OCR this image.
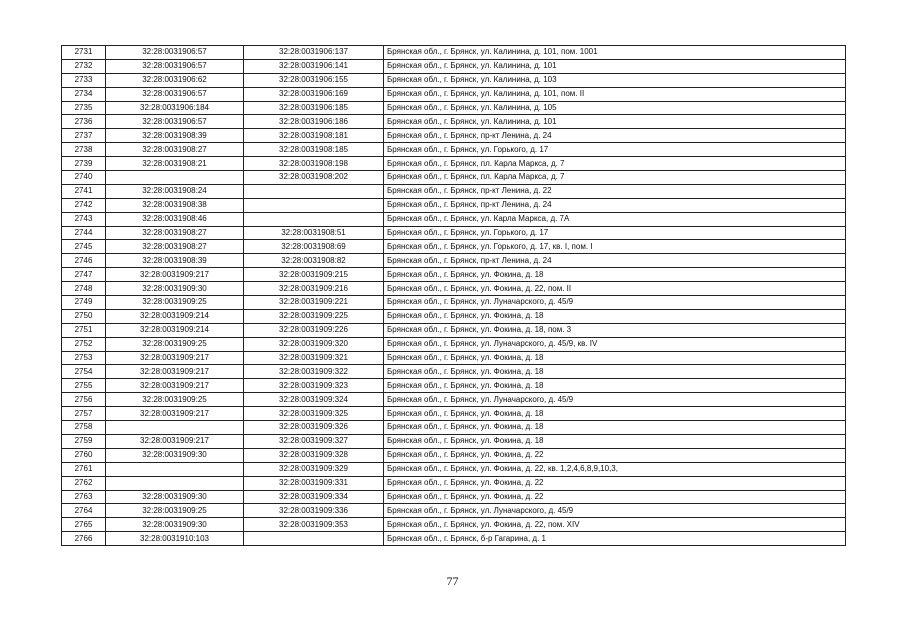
2731	32:28:0031906:57	32:28:0031906:137	Брянская обл., г. Брянск, ул. Калинина, д. 101, пом. 1001
2732	32:28:0031906:57	32:28:0031906:141	Брянская обл., г. Брянск, ул. Калинина, д. 101
2733	32:28:0031906:62	32:28:0031906:155	Брянская обл., г. Брянск, ул. Калинина, д. 103
2734	32:28:0031906:57	32:28:0031906:169	Брянская обл., г. Брянск, ул. Калинина, д. 101, пом. II
2735	32:28:0031906:184	32:28:0031906:185	Брянская обл., г. Брянск, ул. Калинина, д. 105
2736	32:28:0031906:57	32:28:0031906:186	Брянская обл., г. Брянск, ул. Калинина, д. 101
2737	32:28:0031908:39	32:28:0031908:181	Брянская обл., г. Брянск, пр-кт Ленина, д. 24
2738	32:28:0031908:27	32:28:0031908:185	Брянская обл., г. Брянск, ул. Горького, д. 17
2739	32:28:0031908:21	32:28:0031908:198	Брянская обл., г. Брянск, пл. Карла Маркса, д. 7
2740		32:28:0031908:202	Брянская обл., г. Брянск, пл. Карла Маркса, д. 7
2741	32:28:0031908:24		Брянская обл., г. Брянск, пр-кт Ленина, д. 22
2742	32:28:0031908:38		Брянская обл., г. Брянск, пр-кт Ленина, д. 24
2743	32:28:0031908:46		Брянская обл., г. Брянск, ул. Карла Маркса, д. 7А
2744	32:28:0031908:27	32:28:0031908:51	Брянская обл., г. Брянск, ул. Горького, д. 17
2745	32:28:0031908:27	32:28:0031908:69	Брянская обл., г. Брянск, ул. Горького, д. 17, кв. I, пом. I
2746	32:28:0031908:39	32:28:0031908:82	Брянская обл., г. Брянск, пр-кт Ленина, д. 24
2747	32:28:0031909:217	32:28:0031909:215	Брянская обл., г. Брянск, ул. Фокина, д. 18
2748	32:28:0031909:30	32:28:0031909:216	Брянская обл., г. Брянск, ул. Фокина, д. 22, пом. II
2749	32:28:0031909:25	32:28:0031909:221	Брянская обл., г. Брянск, ул. Луначарского, д. 45/9
2750	32:28:0031909:214	32:28:0031909:225	Брянская обл., г. Брянск, ул. Фокина, д. 18
2751	32:28:0031909:214	32:28:0031909:226	Брянская обл., г. Брянск, ул. Фокина, д. 18, пом. 3
2752	32:28:0031909:25	32:28:0031909:320	Брянская обл., г. Брянск, ул. Луначарского, д. 45/9, кв. IV
2753	32:28:0031909:217	32:28:0031909:321	Брянская обл., г. Брянск, ул. Фокина, д. 18
2754	32:28:0031909:217	32:28:0031909:322	Брянская обл., г. Брянск, ул. Фокина, д. 18
2755	32:28:0031909:217	32:28:0031909:323	Брянская обл., г. Брянск, ул. Фокина, д. 18
2756	32:28:0031909:25	32:28:0031909:324	Брянская обл., г. Брянск, ул. Луначарского, д. 45/9
2757	32:28:0031909:217	32:28:0031909:325	Брянская обл., г. Брянск, ул. Фокина, д. 18
2758		32:28:0031909:326	Брянская обл., г. Брянск, ул. Фокина, д. 18
2759	32:28:0031909:217	32:28:0031909:327	Брянская обл., г. Брянск, ул. Фокина, д. 18
2760	32:28:0031909:30	32:28:0031909:328	Брянская обл., г. Брянск, ул. Фокина, д. 22
2761		32:28:0031909:329	Брянская обл., г. Брянск, ул. Фокина, д. 22, кв. 1,2,4,6,8,9,10,3,
2762		32:28:0031909:331	Брянская обл., г. Брянск, ул. Фокина, д. 22
2763	32:28:0031909:30	32:28:0031909:334	Брянская обл., г. Брянск, ул. Фокина, д. 22
2764	32:28:0031909:25	32:28:0031909:336	Брянская обл., г. Брянск, ул. Луначарского, д. 45/9
2765	32:28:0031909:30	32:28:0031909:353	Брянская обл., г. Брянск, ул. Фокина, д. 22, пом. XIV
2766	32:28:0031910:103		Брянская обл., г. Брянск, б-р Гагарина, д. 1
77
